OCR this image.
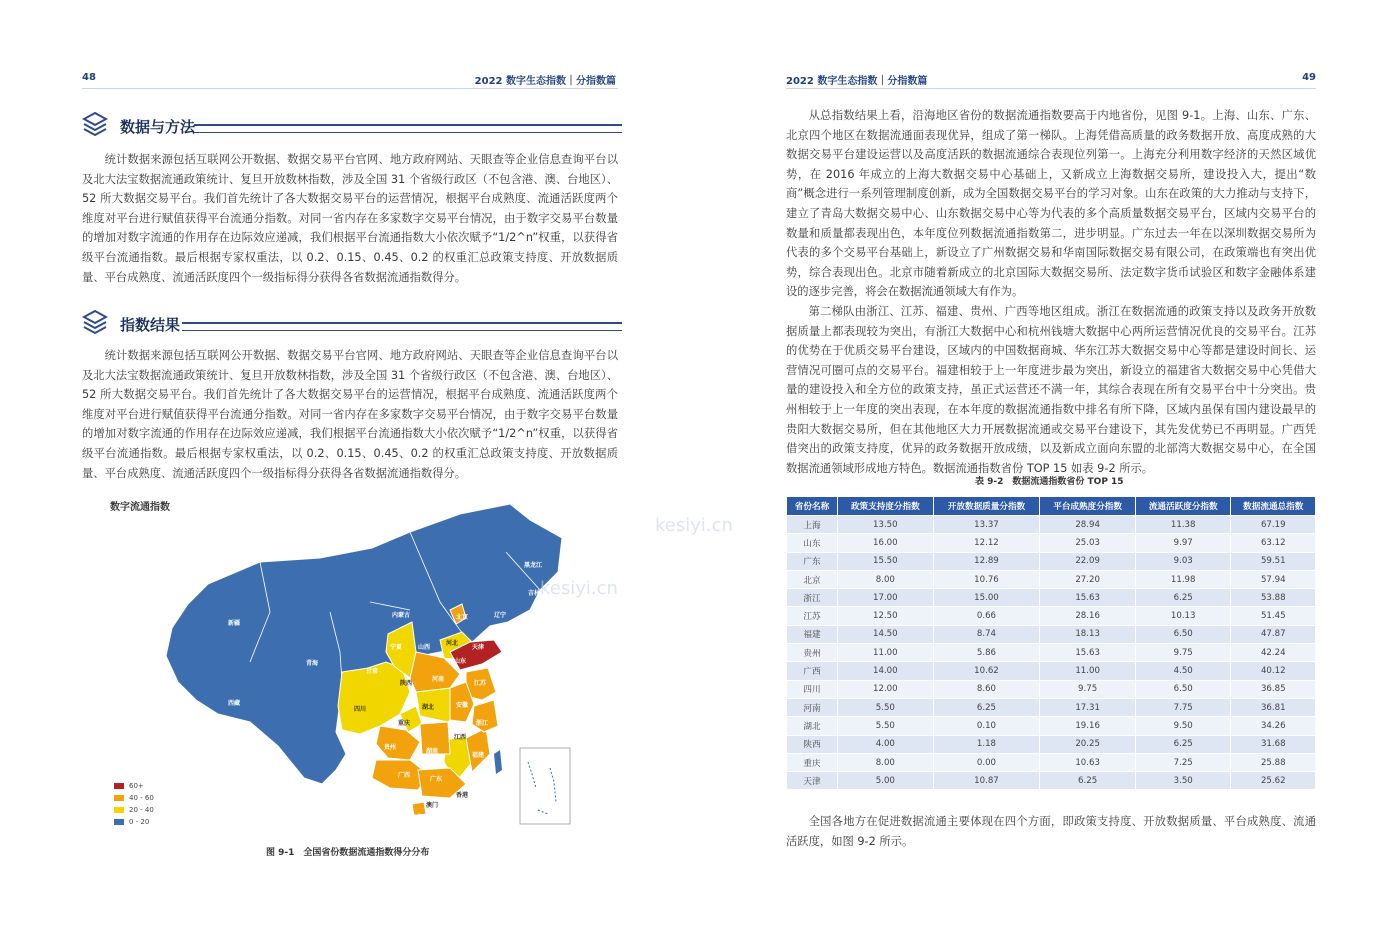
48	2022 数字生态指数｜分指数篇
数据与方法

统计数据来源包括互联网公开数据、数据交易平台官网、地方政府网站、天眼查等企业信息查询平台以及北大法宝数据流通政策统计、复旦开放数林指数，涉及全国 31 个省级行政区（不包含港、澳、台地区）、52 所大数据交易平台。我们首先统计了各大数据交易平台的运营情况，根据平台成熟度、流通活跃度两个维度对平台进行赋值获得平台流通分指数。对同一省内存在多家数字交易平台情况，由于数字交易平台数量的增加对数字流通的作用存在边际效应递减，我们根据平台流通指数大小依次赋予“1/2^n”权重，以获得省级平台流通指数。最后根据专家权重法，以 0.2、0.15、0.45、0.2 的权重汇总政策支持度、开放数据质量、平台成熟度、流通活跃度四个一级指标得分获得各省数据流通指数得分。

指数结果

统计数据来源包括互联网公开数据、数据交易平台官网、地方政府网站、天眼查等企业信息查询平台以及北大法宝数据流通政策统计、复旦开放数林指数，涉及全国 31 个省级行政区（不包含港、澳、台地区）、52 所大数据交易平台。我们首先统计了各大数据交易平台的运营情况，根据平台成熟度、流通活跃度两个维度对平台进行赋值获得平台流通分指数。对同一省内存在多家数字交易平台情况，由于数字交易平台数量的增加对数字流通的作用存在边际效应递减，我们根据平台流通指数大小依次赋予“1/2^n”权重，以获得省级平台流通指数。最后根据专家权重法，以 0.2、0.15、0.45、0.2 的权重汇总政策支持度、开放数据质量、平台成熟度、流通活跃度四个一级指标得分获得各省数据流通指数得分。

数字流通指数
黑龙江
吉林
辽宁
内蒙古
新疆
西藏
青海
甘肃
宁夏	山西
河北
北京
天津
山东
陕西
河南
江苏
上海
安徽
四川	湖北
重庆	浙江
贵州
湖南
江西
云南
广西
广东
福建
台湾
香港
澳门
海南
60+
40 - 60
20 - 40
0 - 20
图 9-1　全国省份数据流通指数得分分布
2022 数字生态指数｜分指数篇	49

从总指数结果上看，沿海地区省份的数据流通指数要高于内地省份，见图 9-1。上海、山东、广东、北京四个地区在数据流通面表现优异，组成了第一梯队。上海凭借高质量的政务数据开放、高度成熟的大数据交易平台建设运营以及高度活跃的数据流通综合表现位列第一。上海充分利用数字经济的天然区域优势，在 2016 年成立的上海大数据交易中心基础上，又新成立上海数据交易所，建设投入大，提出“数商”概念进行一系列管理制度创新，成为全国数据交易平台的学习对象。山东在政策的大力推动与支持下，建立了青岛大数据交易中心、山东数据交易中心等为代表的多个高质量数据交易平台，区域内交易平台的数量和质量都表现出色，本年度位列数据流通指数第二，进步明显。广东过去一年在以深圳数据交易所为代表的多个交易平台基础上，新设立了广州数据交易和华南国际数据交易有限公司，在政策端也有突出优势，综合表现出色。北京市随着新成立的北京国际大数据交易所、法定数字货币试验区和数字金融体系建设的逐步完善，将会在数据流通领域大有作为。

第二梯队由浙江、江苏、福建、贵州、广西等地区组成。浙江在数据流通的政策支持以及政务开放数据质量上都表现较为突出，有浙江大数据中心和杭州钱塘大数据中心两所运营情况优良的交易平台。江苏的优势在于优质交易平台建设，区域内的中国数据商城、华东江苏大数据交易中心等都是建设时间长、运营情况可圈可点的交易平台。福建相较于上一年度进步最为突出，新设立的福建省大数据交易中心凭借大量的建设投入和全方位的政策支持，虽正式运营还不满一年，其综合表现在所有交易平台中十分突出。贵州相较于上一年度的突出表现，在本年度的数据流通指数中排名有所下降，区域内虽保有国内建设最早的贵阳大数据交易所，但在其他地区大力开展数据流通或交易平台建设下，其先发优势已不再明显。广西凭借突出的政策支持度，优异的政务数据开放成绩，以及新成立面向东盟的北部湾大数据交易中心，在全国数据流通领域形成地方特色。数据流通指数省份 TOP 15 如表 9-2 所示。

表 9-2　数据流通指数省份 TOP 15

全国各地方在促进数据流通主要体现在四个方面，即政策支持度、开放数据质量、平台成熟度、流通活跃度，如图 9-2 所示。

省份名称	政策支持度分指数	开放数据质量分指数	平台成熟度分指数	流通活跃度分指数	数据流通总指数
上海	13.50	13.37	28.94	11.38	67.19
山东	16.00	12.12	25.03	9.97	63.12
广东	15.50	12.89	22.09	9.03	59.51
北京	8.00	10.76	27.20	11.98	57.94
浙江	17.00	15.00	15.63	6.25	53.88
江苏	12.50	0.66	28.16	10.13	51.45
福建	14.50	8.74	18.13	6.50	47.87
贵州	11.00	5.86	15.63	9.75	42.24
广西	14.00	10.62	11.00	4.50	40.12
四川	12.00	8.60	9.75	6.50	36.85
河南	5.50	6.25	17.31	7.75	36.81
湖北	5.50	0.10	19.16	9.50	34.26
陕西	4.00	1.18	20.25	6.25	31.68
重庆	8.00	0.00	10.63	7.25	25.88
天津	5.00	10.87	6.25	3.50	25.62
kesiyi.cn
kesiyi.cn
